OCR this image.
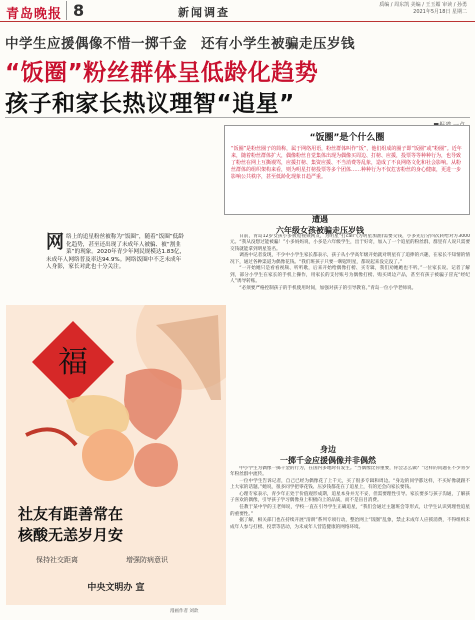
青岛晚报 8	新闻调查
质编 / 周东凯 美编 / 王玉媚 审读 / 孙勇
2021年5月18日 星期二
中学生应援偶像不惜一掷千金　还有小学生被骗走压岁钱
“饭圈”粉丝群体呈低龄化趋势
孩子和家长热议理智“追星”
“饭圈”是个什么圈
“饭圈”是粉丝圈子的简称，属于网络用语，粉丝群体叫作“饭”，他们组成的圈子即“饭圈”或“粉圈”。近年来，随着粉丝群体扩大，偶像粉丝自觉集体出现为偶像买周边、打榜、应援，投票等等种种行为，也导致了粉丝在网上互撕谩骂，应援打榜、集资应援、不当消费等乱象，造成了不良网络文化和社会影响。从粉丝群体的组织架构来看，则为明星打榜投票等多个团体……种种行为不仅危害粉丝的身心健康，更进一步影响公共秩序，甚至低龄化现象日趋严重。
网 络上的追星粉丝被称为“饭圈”，随着“饭圈”低龄化趋势，甚至还出现了未成年人被骗、被“割韭菜”的现象。2020年青少年网民规模达1.83亿，未成年人网络普及率达94.9%。网络饭圈中不乏未成年人身影，家长对此也十分关注。
遭遇
六年级女孩被骗走压岁钱

日前，青岛12岁女孩小多被短视频网友，为明星“打call”(为明星加油)需要交钱，小多先后分四次转给对方3000元。“我从没想过能被骗！”小多妈妈说，小多是六年级学生，出于好奇，加入了一个追星的粉丝群，群里有人说只需要交钱就能拿到明星签名。

调查中记者发现，不少中小学生家长都表示，孩子从小学高年级开始就对明星有了追捧的兴趣，在家长不知情的情况下，通过各种渠道为偶像花钱。“我们班孩子只要一聊起明星，都说起来没完没了。”

“一开始她只是看看视频、听听歌，后来开始给偶像打榜、买专辑，我们劝她她也不听。”一位家长说。记者了解到，部分小学生在家长的手机上操作，用家长的支付账号为偶像打榜、购买周边产品，甚至有孩子被骗子冒充“经纪人”诱导转账。

“必须要严格控制孩子的手机使用时间，加强对孩子的引导教育。”青岛一位小学老师说。

身边
一掷千金应援偶像并非偶然

中小学生为偶像一掷千金的行为，在国内多地时有发生。“当偶像比你重要，你会怎么做？”这样的问题在不少青少年粉丝群中流传。

一位中学生告诉记者，自己已经为偶像花了上千元，买了很多专辑和周边。“身边的同学都这样，不买好像就跟不上大家的话题。”她说，很多同学把零花钱、压岁钱都花在了追星上，有的还会向家长要钱。

心理专家表示，青少年正处于价值观形成期，追星本身并无不妥，但需要理性引导。家长要多与孩子沟通，了解孩子喜欢的偶像，引导孩子学习偶像身上积极向上的品质，而不是盲目消费。

任教于某中学的王老师说，学校一直在引导学生正确追星，“我们会通过主题班会等形式，让学生认识到理性追星的重要性。”

据了解，相关部门也在持续开展“清朗”系列专项行动，整治网上“饭圈”乱象，禁止未成年人应援消费，不得组织未成年人参与打榜、投票等活动，为未成年人营造健康的网络环境。

福
社友有距善常在
核酸无恙岁月安
保持社交距离	增强防病意识
中央文明办 宣
漫画作者 刘歆
